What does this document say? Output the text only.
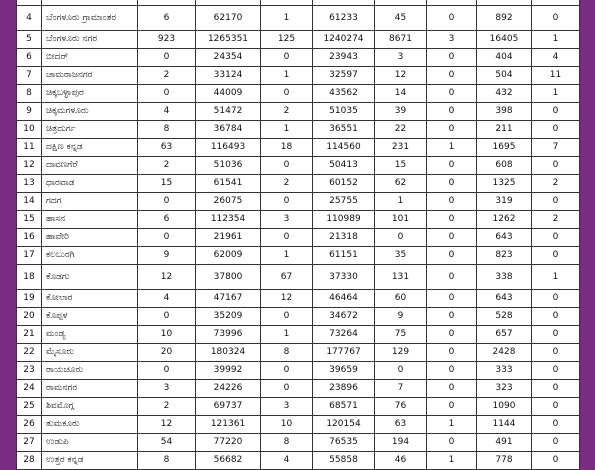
4	ಬೆಂಗಳೂರು ಗ್ರಾಮಾಂತರ	6	62170	1	61233	45	0	892	0
5	ಬೆಂಗಳೂರು ನಗರ	923	1265351	125	1240274	8671	3	16405	1
6	ಬೀದರ್	0	24354	0	23943	3	0	404	4
7	ಚಾಮರಾಜನಗರ	2	33124	1	32597	12	0	504	11
8	ಚಿಕ್ಕಬಳ್ಳಾಪುರ	0	44009	0	43562	14	0	432	1
9	ಚಿಕ್ಕಮಗಳೂರು	4	51472	2	51035	39	0	398	0
10	ಚಿತ್ರದುರ್ಗ	8	36784	1	36551	22	0	211	0
11	ದಕ್ಷಿಣ ಕನ್ನಡ	63	116493	18	114560	231	1	1695	7
12	ದಾವಣಗೆರೆ	2	51036	0	50413	15	0	608	0
13	ಧಾರವಾಡ	15	61541	2	60152	62	0	1325	2
14	ಗದಗ	0	26075	0	25755	1	0	319	0
15	ಹಾಸನ	6	112354	3	110989	101	0	1262	2
16	ಹಾವೇರಿ	0	21961	0	21318	0	0	643	0
17	ಕಲಬುರಗಿ	9	62009	1	61151	35	0	823	0
18	ಕೊಡಗು	12	37800	67	37330	131	0	338	1
19	ಕೋಲಾರ	4	47167	12	46464	60	0	643	0
20	ಕೊಪ್ಪಳ	0	35209	0	34672	9	0	528	0
21	ಮಂಡ್ಯ	10	73996	1	73264	75	0	657	0
22	ಮೈಸೂರು	20	180324	8	177767	129	0	2428	0
23	ರಾಯಚೂರು	0	39992	0	39659	0	0	333	0
24	ರಾಮನಗರ	3	24226	0	23896	7	0	323	0
25	ಶಿವಮೊಗ್ಗ	2	69737	3	68571	76	0	1090	0
26	ತುಮಕೂರು	12	121361	10	120154	63	1	1144	0
27	ಉಡುಪಿ	54	77220	8	76535	194	0	491	0
28	ಉತ್ತರ ಕನ್ನಡ	8	56682	4	55858	46	1	778	0
